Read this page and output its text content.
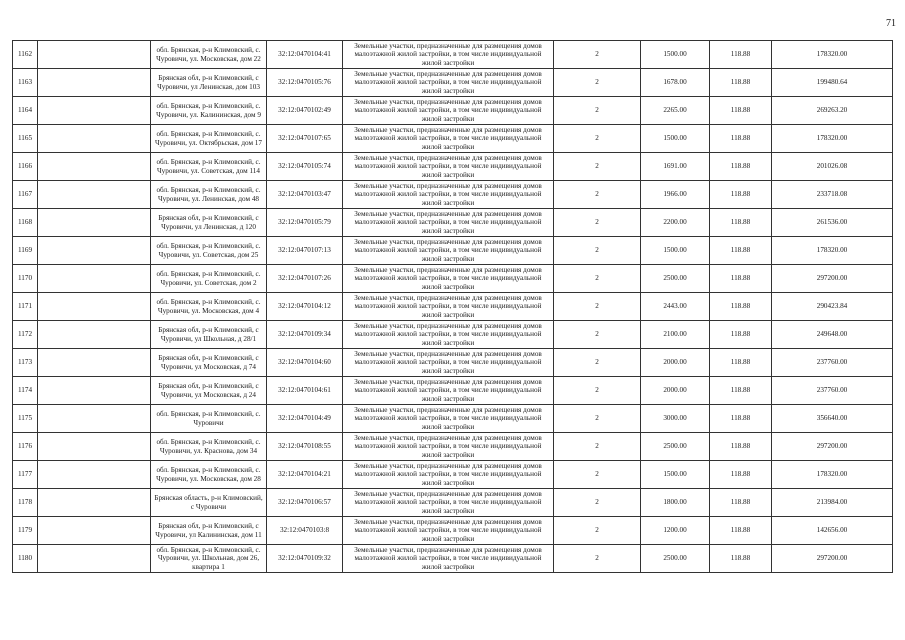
71
1162		обл. Брянская, р-н Климовский, с. Чуровичи, ул. Московская, дом 22	32:12:0470104:41	Земельные участки, предназначенные для размещения домов малоэтажной жилой застройки, в том числе индивидуальной жилой застройки	2	1500.00	118.88	178320.00
1163		Брянская обл, р-н Климовский, с Чуровичи, ул Ленинская, дом 103	32:12:0470105:76	Земельные участки, предназначенные для размещения домов малоэтажной жилой застройки, в том числе индивидуальной жилой застройки	2	1678.00	118.88	199480.64
1164		обл. Брянская, р-н Климовский, с. Чуровичи, ул. Калининская, дом 9	32:12:0470102:49	Земельные участки, предназначенные для размещения домов малоэтажной жилой застройки, в том числе индивидуальной жилой застройки	2	2265.00	118.88	269263.20
1165		обл. Брянская, р-н Климовский, с. Чуровичи, ул. Октябрьская, дом 17	32:12:0470107:65	Земельные участки, предназначенные для размещения домов малоэтажной жилой застройки, в том числе индивидуальной жилой застройки	2	1500.00	118.88	178320.00
1166		обл. Брянская, р-н Климовский, с. Чуровичи, ул. Советская, дом 114	32:12:0470105:74	Земельные участки, предназначенные для размещения домов малоэтажной жилой застройки, в том числе индивидуальной жилой застройки	2	1691.00	118.88	201026.08
1167		обл. Брянская, р-н Климовский, с. Чуровичи, ул. Ленинская, дом 48	32:12:0470103:47	Земельные участки, предназначенные для размещения домов малоэтажной жилой застройки, в том числе индивидуальной жилой застройки	2	1966.00	118.88	233718.08
1168		Брянская обл, р-н Климовский, с Чуровичи, ул Ленинская, д 120	32:12:0470105:79	Земельные участки, предназначенные для размещения домов малоэтажной жилой застройки, в том числе индивидуальной жилой застройки	2	2200.00	118.88	261536.00
1169		обл. Брянская, р-н Климовский, с. Чуровичи, ул. Советская, дом 25	32:12:0470107:13	Земельные участки, предназначенные для размещения домов малоэтажной жилой застройки, в том числе индивидуальной жилой застройки	2	1500.00	118.88	178320.00
1170		обл. Брянская, р-н Климовский, с. Чуровичи, ул. Советская, дом 2	32:12:0470107:26	Земельные участки, предназначенные для размещения домов малоэтажной жилой застройки, в том числе индивидуальной жилой застройки	2	2500.00	118.88	297200.00
1171		обл. Брянская, р-н Климовский, с. Чуровичи, ул. Московская, дом 4	32:12:0470104:12	Земельные участки, предназначенные для размещения домов малоэтажной жилой застройки, в том числе индивидуальной жилой застройки	2	2443.00	118.88	290423.84
1172		Брянская обл, р-н Климовский, с Чуровичи, ул Школьная, д 28/1	32:12:0470109:34	Земельные участки, предназначенные для размещения домов малоэтажной жилой застройки, в том числе индивидуальной жилой застройки	2	2100.00	118.88	249648.00
1173		Брянская обл, р-н Климовский, с Чуровичи, ул Московская, д 74	32:12:0470104:60	Земельные участки, предназначенные для размещения домов малоэтажной жилой застройки, в том числе индивидуальной жилой застройки	2	2000.00	118.88	237760.00
1174		Брянская обл, р-н Климовский, с Чуровичи, ул Московская, д 24	32:12:0470104:61	Земельные участки, предназначенные для размещения домов малоэтажной жилой застройки, в том числе индивидуальной жилой застройки	2	2000.00	118.88	237760.00
1175		обл. Брянская, р-н Климовский, с. Чуровичи	32:12:0470104:49	Земельные участки, предназначенные для размещения домов малоэтажной жилой застройки, в том числе индивидуальной жилой застройки	2	3000.00	118.88	356640.00
1176		обл. Брянская, р-н Климовский, с. Чуровичи, ул. Краснова, дом 34	32:12:0470108:55	Земельные участки, предназначенные для размещения домов малоэтажной жилой застройки, в том числе индивидуальной жилой застройки	2	2500.00	118.88	297200.00
1177		обл. Брянская, р-н Климовский, с. Чуровичи, ул. Московская, дом 28	32:12:0470104:21	Земельные участки, предназначенные для размещения домов малоэтажной жилой застройки, в том числе индивидуальной жилой застройки	2	1500.00	118.88	178320.00
1178		Брянская область, р-н Климовский, с Чуровичи	32:12:0470106:57	Земельные участки, предназначенные для размещения домов малоэтажной жилой застройки, в том числе индивидуальной жилой застройки	2	1800.00	118.88	213984.00
1179		Брянская обл, р-н Климовский, с Чуровичи, ул Калининская, дом 11	32:12:0470103:8	Земельные участки, предназначенные для размещения домов малоэтажной жилой застройки, в том числе индивидуальной жилой застройки	2	1200.00	118.88	142656.00
1180		обл. Брянская, р-н Климовский, с. Чуровичи, ул. Школьная, дом 26, квартира 1	32:12:0470109:32	Земельные участки, предназначенные для размещения домов малоэтажной жилой застройки, в том числе индивидуальной жилой застройки	2	2500.00	118.88	297200.00
